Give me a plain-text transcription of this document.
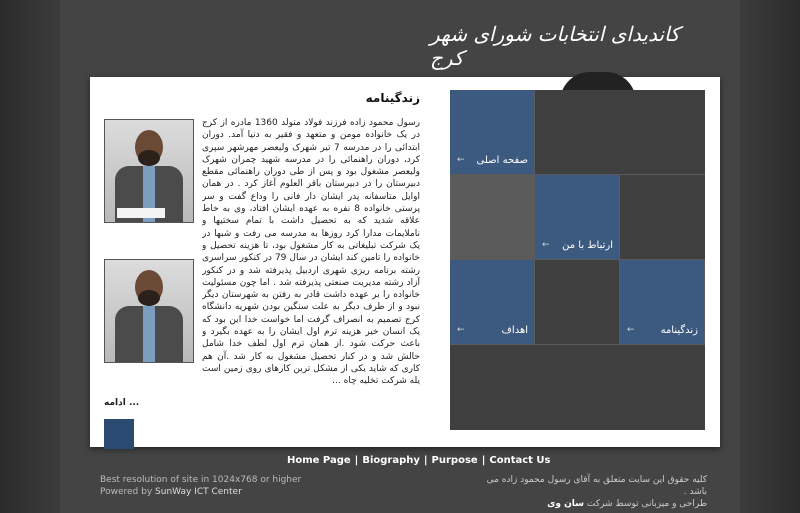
کاندیدای انتخابات شورای شهر کرج
زندگینامه
رسول محمود زاده فرزند فولاد متولد 1360 مادره از کرج در یک خانواده مومن و متعهد و فقیر به دنیا آمد. دوران ابتدائی را در مدرسه 7 تیر شهرک ولیعصر مهرشهر سپری کرد، دوران راهنمائی را در مدرسه شهید چمران شهرک ولیعصر مشغول بود و پس از طی دوران راهنمائی مقطع دبیرستان را در دبیرستان باقر العلوم آغاز کرد . در همان اوایل متاسفانه پدر ایشان دار فانی را وداع گفت و سر پرستی خانواده 8 نفره به عهده ایشان افتاد، وی به خاط علاقه شدید که به تحصیل داشت با تمام سختیها و ناملایمات مدارا کرد روزها به مدرسه می رفت و شبها در یک شرکت تبلیغاتی به کار مشغول بود، تا هزینه تحصیل و خانواده را تامین کند ایشان در سال 79 در کنکور سراسری رشته برنامه ریزی شهری اردبیل پذیرفته شد و در کنکور آزاد رشته مدیریت صنعتی پذیرفته شد . اما چون مسئولیت خانواده را بر عهده داشت قادر به رفتن به شهرستان دیگر نبود و از طرف دیگر به علت سنگین بودن شهریه دانشگاه کرج تصمیم به انصراف گرفت اما خواست خدا این بود که یک انسان خیر هزینه ترم اول ایشان را به عهده بگیرد و باعث حرکت شود .از همان ترم اول لطف خدا شامل حالش شد و در کنار تحصیل مشغول به کار شد .آن هم کاری که شاید یکی از مشکل ترین کارهای روی زمین است یله شرکت تخلیه چاه ...
ادامه ...
← صفحه اصلی
← ارتباط با من
←	اهداف	←	زندگینامه
Home Page | Biography | Purpose | Contact Us
Best resolution of site in 1024x768 or higher
Powered by SunWay ICT Center
کلیه حقوق این سایت متعلق به آقای رسول محمود زاده می باشد .
طراحی و میزبانی توسط شرکت سان وی
